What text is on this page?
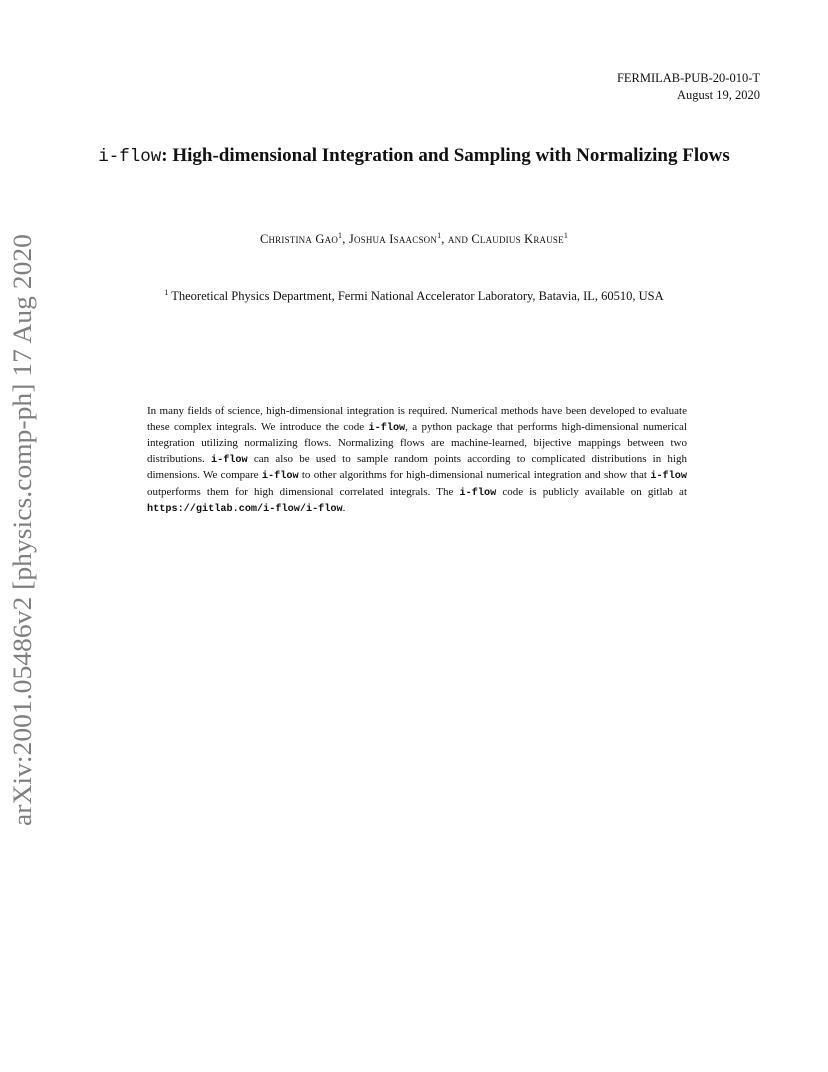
FERMILAB-PUB-20-010-T
August 19, 2020
i-flow: High-dimensional Integration and Sampling with Normalizing Flows
Christina Gao$^1$, Joshua Isaacson$^1$, and Claudius Krause$^1$
$^1$ Theoretical Physics Department, Fermi National Accelerator Laboratory, Batavia, IL, 60510, USA

In many fields of science, high-dimensional integration is required. Numerical methods have been developed to evaluate these complex integrals. We introduce the code i-flow, a python package that performs high-dimensional numerical integration utilizing normalizing flows. Normalizing flows are machine-learned, bijective mappings between two distributions. i-flow can also be used to sample random points according to complicated distributions in high dimensions. We compare i-flow to other algorithms for high-dimensional numerical integration and show that i-flow outperforms them for high dimensional correlated integrals. The i-flow code is publicly available on gitlab at https://gitlab.com/i-flow/i-flow.

arXiv:2001.05486v2 [physics.comp-ph] 17 Aug 2020
